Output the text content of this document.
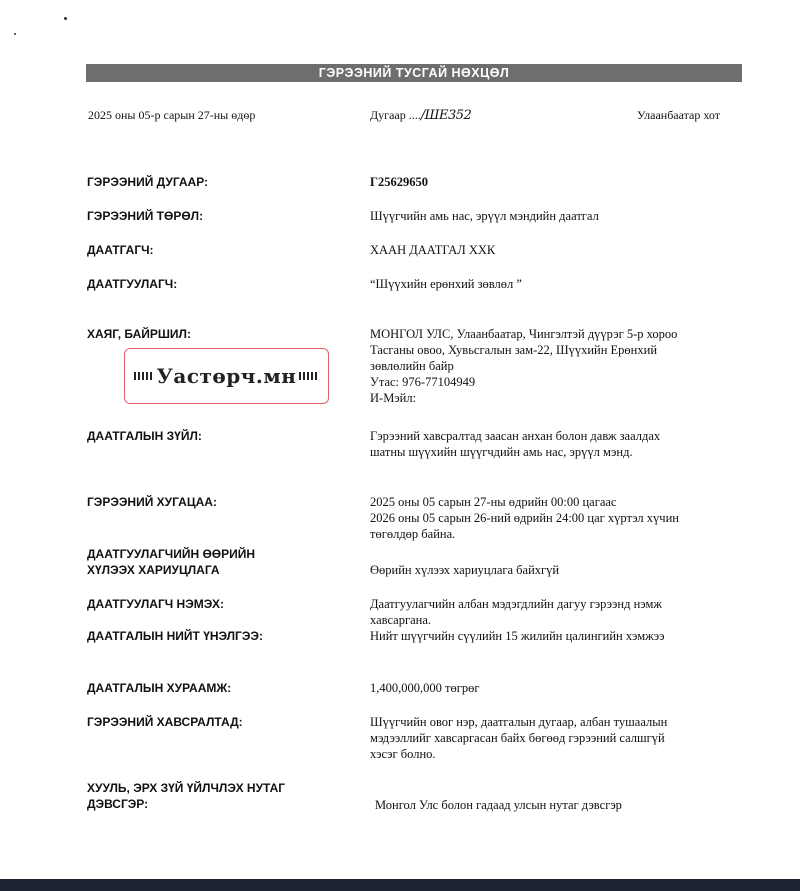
ГЭРЭЭНИЙ ТУСГАЙ НӨХЦӨЛ
2025 оны 05-р сарын 27-ны өдөр	Дугаар ..../ШЕ352	Улаанбаатар хот
ГЭРЭЭНИЙ ДУГААР:	Г25629650
ГЭРЭЭНИЙ ТӨРӨЛ:	Шүүгчийн амь нас, эрүүл мэндийн даатгал
ДААТГАГЧ:	ХААН ДААТГАЛ ХХК
ДААТГУУЛАГЧ:	“Шүүхийн ерөнхий зөвлөл ”
ХАЯГ, БАЙРШИЛ:	МОНГОЛ УЛС, Улаанбаатар, Чингэлтэй дүүрэг 5-р хороо
Тасганы овоо, Хувьсгалын зам-22, Шүүхийн Ерөнхий
зөвлөлийн байр
Утас: 976-77104949
И-Мэйл:
Уастөрч.мн
ДААТГАЛЫН ЗҮЙЛ:	Гэрээний хавсралтад заасан анхан болон давж заалдах
шатны шүүхийн шүүгчдийн амь нас, эрүүл мэнд.
ГЭРЭЭНИЙ ХУГАЦАА:	2025 оны 05 сарын 27-ны өдрийн 00:00 цагаас
2026 оны 05 сарын 26-ний өдрийн 24:00 цаг хүртэл хүчин
төгөлдөр байна.
ДААТГУУЛАГЧИЙН ӨӨРИЙН
ХҮЛЭЭХ ХАРИУЦЛАГА	Өөрийн хүлээх хариуцлага байхгүй
ДААТГУУЛАГЧ НЭМЭХ:	Даатгуулагчийн албан мэдэгдлийн дагуу гэрээнд нэмж
хавсаргана.
ДААТГАЛЫН НИЙТ ҮНЭЛГЭЭ:	Нийт шүүгчийн сүүлийн 15 жилийн цалингийн хэмжээ
ДААТГАЛЫН ХУРААМЖ:	1,400,000,000 төгрөг
ГЭРЭЭНИЙ ХАВСРАЛТАД:	Шүүгчийн овог нэр, даатгалын дугаар, албан тушаалын
мэдээллийг хавсаргасан байх бөгөөд гэрээний салшгүй
хэсэг болно.
ХУУЛЬ, ЭРХ ЗҮЙ ҮЙЛЧЛЭХ НУТАГ
ДЭВСГЭР:	Монгол Улс болон гадаад улсын нутаг дэвсгэр
